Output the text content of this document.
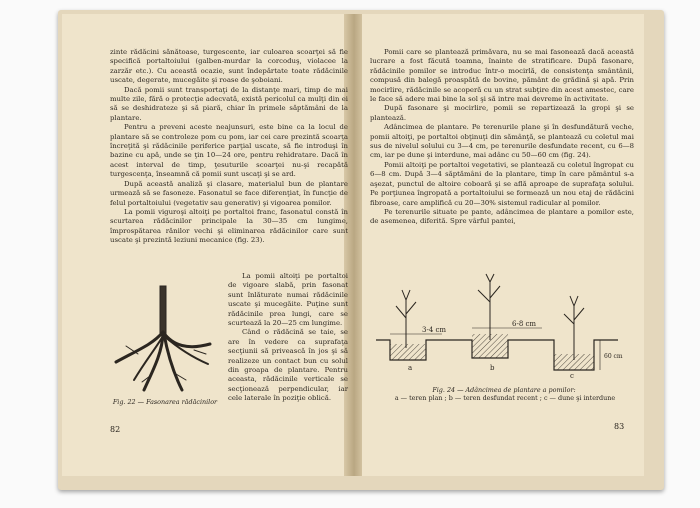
zinte rădăcini sănătoase, turgescente, iar culoarea scoarţei să fie specifică portaltoiului (galben-murdar la corcoduş, violacee la zarzăr etc.). Cu această ocazie, sunt îndepărtate toate rădăcinile uscate, degerate, mucegăite şi roase de şoboiani.

Dacă pomii sunt transportaţi de la distanţe mari, timp de mai multe zile, fără o protecţie adecvată, există pericolul ca mulţi din ei să se deshidrateze şi să piară, chiar în primele săptămâni de la plantare.

Pentru a preveni aceste neajunsuri, este bine ca la locul de plantare să se controleze pom cu pom, iar cei care prezintă scoarţa încreţită şi rădăcinile periferice parţial uscate, să fie introduşi în bazine cu apă, unde se ţin 10—24 ore, pentru rehidratare. Dacă în acest interval de timp, ţesuturile scoarţei nu-şi recapătă turgescenţa, înseamnă că pomii sunt uscaţi şi se ard.

După această analiză şi clasare, materialul bun de plantare urmează să se fasoneze. Fasonatul se face diferenţiat, în funcţie de felul portaltoiului (vegetativ sau generativ) şi vigoarea pomilor.

La pomii viguroşi altoiţi pe portaltoi franc, fasonatul constă în scurtarea rădăcinilor principale la 30—35 cm lungime, împrospătarea rănilor vechi şi eliminarea rădăcinilor care sunt uscate şi prezintă leziuni mecanice (fig. 23).

Fig. 22 — Fasonarea rădăcinilor

La pomii altoiţi pe portaltoi de vigoare slabă, prin fasonat sunt înlăturate numai rădăcinile uscate şi mucegăite. Puţine sunt rădăcinile prea lungi, care se scurtează la 20—25 cm lungime.

Când o rădăcină se taie, se are în vedere ca suprafaţa secţiunii să privească în jos şi să realizeze un contact bun cu solul din groapa de plantare. Pentru aceasta, rădăcinile verticale se secţionează perpendicular, iar cele laterale în poziţie oblică.

82

Pomii care se plantează primăvara, nu se mai fasonează dacă această lucrare a fost făcută toamna, înainte de stratificare. După fasonare, rădăcinile pomilor se introduc într-o mocirlă, de consistenţa smântânii, compusă din balegă proaspătă de bovine, pământ de grădină şi apă. Prin mocirlire, rădăcinile se acoperă cu un strat subţire din acest amestec, care le face să adere mai bine la sol şi să intre mai devreme în activitate.

După fasonare şi mocirlire, pomii se repartizează la gropi şi se plantează.

Adâncimea de plantare. Pe terenurile plane şi în desfundătură veche, pomii altoiţi, pe portaltoi obţinuţi din sămânţă, se plantează cu coletul mai sus de nivelul solului cu 3—4 cm, pe terenurile desfundate recent, cu 6—8 cm, iar pe dune şi interdune, mai adânc cu 50—60 cm (fig. 24).

Pomii altoiţi pe portaltoi vegetativi, se plantează cu coletul îngropat cu 6—8 cm. După 3—4 săptămâni de la plantare, timp în care pământul s-a aşezat, punctul de altoire coboară şi se află aproape de suprafaţa solului. Pe porţiunea îngropată a portaltoiului se formează un nou etaj de rădăcini fibroase, care amplifică cu 20—30% sistemul radicular al pomilor.

Pe terenurile situate pe pante, adâncimea de plantare a pomilor este, de asemenea, diferită. Spre vârful pantei,

3-4 cm
6-8 cm
60 cm
a	b
c
Fig. 24 — Adâncimea de plantare a pomilor:
a — teren plan ; b — teren desfundat recent ; c — dune şi interdune
83
